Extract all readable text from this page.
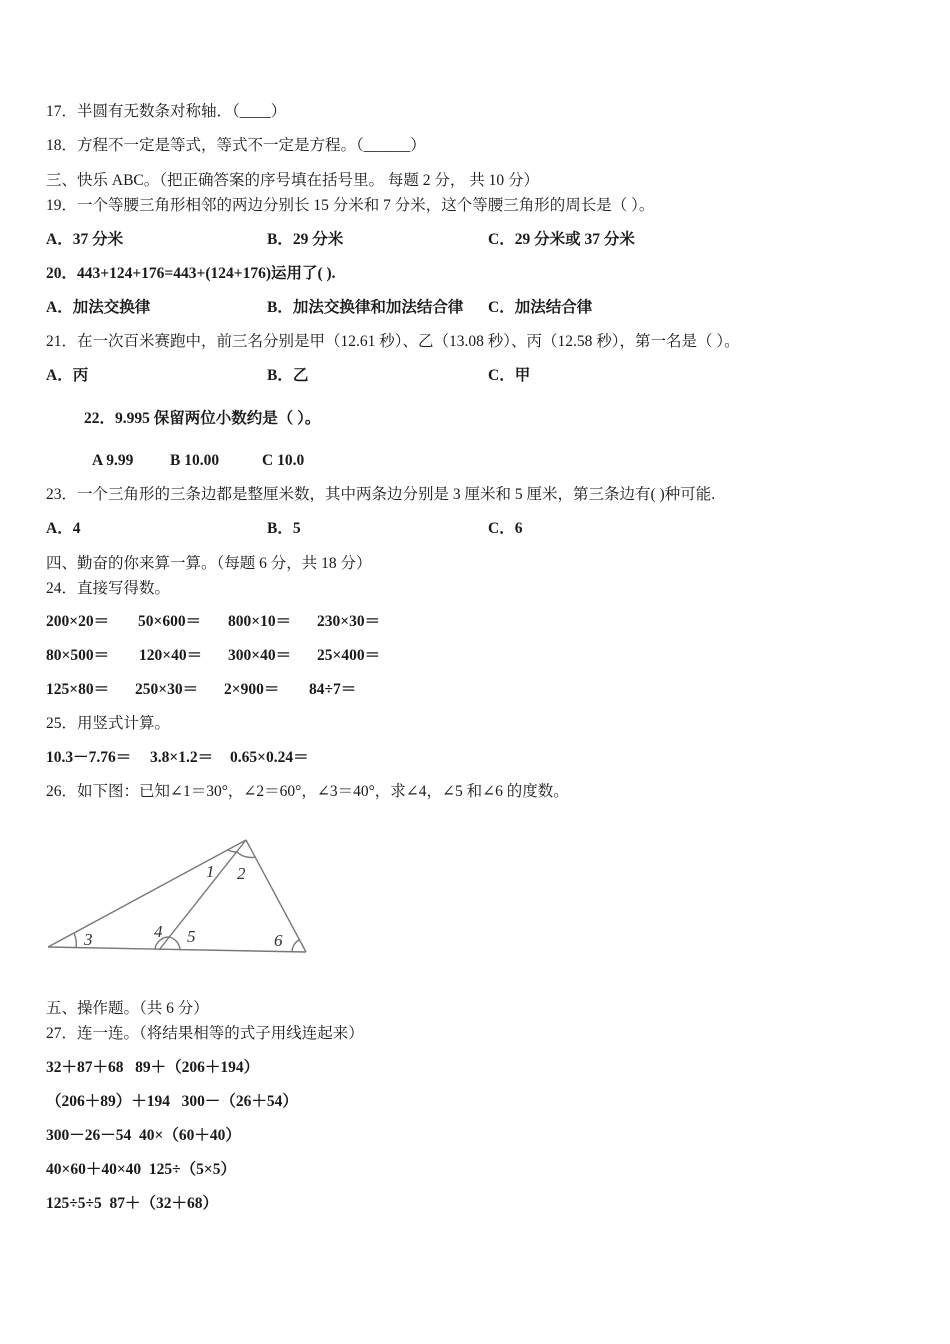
17．半圆有无数条对称轴．（____）
18．方程不一定是等式，等式不一定是方程。（______）
三、快乐 ABC。（把正确答案的序号填在括号里。 每题 2 分， 共 10 分）
19．一个等腰三角形相邻的两边分别长 15 分米和 7 分米，这个等腰三角形的周长是（ ）。
A．37 分米	B．29 分米	C．29 分米或 37 分米
20．443+124+176=443+(124+176)运用了( ).
A．加法交换律	B．加法交换律和加法结合律 C．加法结合律
21．在一次百米赛跑中，前三名分别是甲（12.61 秒）、乙（13.08 秒）、丙（12.58 秒），第一名是（ ）。
A．丙	B．乙	C．甲
22．9.995 保留两位小数约是（ ）。
A 9.99 B 10.00	C 10.0
23．一个三角形的三条边都是整厘米数，其中两条边分别是 3 厘米和 5 厘米，第三条边有( )种可能.
A．4	B．5	C．6
四、勤奋的你来算一算。（每题 6 分，共 18 分）
24．直接写得数。
200×20＝ 50×600＝ 800×10＝ 230×30＝
80×500＝ 120×40＝ 300×40＝ 25×400＝
125×80＝ 250×30＝ 2×900＝ 84÷7＝
25．用竖式计算。
10.3－7.76＝ 3.8×1.2＝ 0.65×0.24＝
26．如下图：已知∠1＝30°，∠2＝60°，∠3＝40°，求∠4，∠5 和∠6 的度数。
1 2
3	4 5	6
五、操作题。（共 6 分）
27．连一连。（将结果相等的式子用线连起来）
32＋87＋68 89＋（206＋194）
（206＋89）＋194 300－（26＋54）
300－26－54 40×（60＋40）
40×60＋40×40 125÷（5×5）
125÷5÷5 87＋（32＋68）
